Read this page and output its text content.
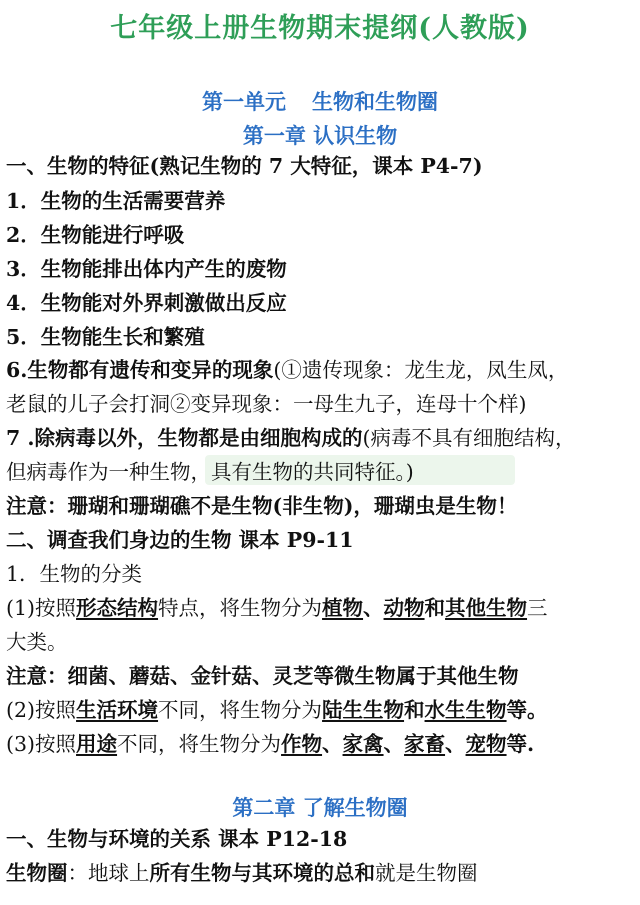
七年级上册生物期末提纲(人教版)
第一单元 生物和生物圈
第一章 认识生物
一、生物的特征(熟记生物的 7 大特征，课本 P4-7)
1．生物的生活需要营养
2．生物能进行呼吸
3．生物能排出体内产生的废物
4．生物能对外界刺激做出反应
5．生物能生长和繁殖
6.生物都有遗传和变异的现象(①遗传现象：龙生龙，凤生凤，
老鼠的儿子会打洞②变异现象：一母生九子，连母十个样)
7 .除病毒以外，生物都是由细胞构成的(病毒不具有细胞结构，
但病毒作为一种生物，具有生物的共同特征。)
注意：珊瑚和珊瑚礁不是生物(非生物)，珊瑚虫是生物！
二、调查我们身边的生物 课本 P9-11
1．生物的分类
(1)按照形态结构特点，将生物分为植物、动物和其他生物三
大类。
注意：细菌、蘑菇、金针菇、灵芝等微生物属于其他生物
(2)按照生活环境不同，将生物分为陆生生物和水生生物等。
(3)按照用途不同，将生物分为作物、家禽、家畜、宠物等.
第二章 了解生物圈
一、生物与环境的关系 课本 P12-18
生物圈：地球上所有生物与其环境的总和就是生物圈
